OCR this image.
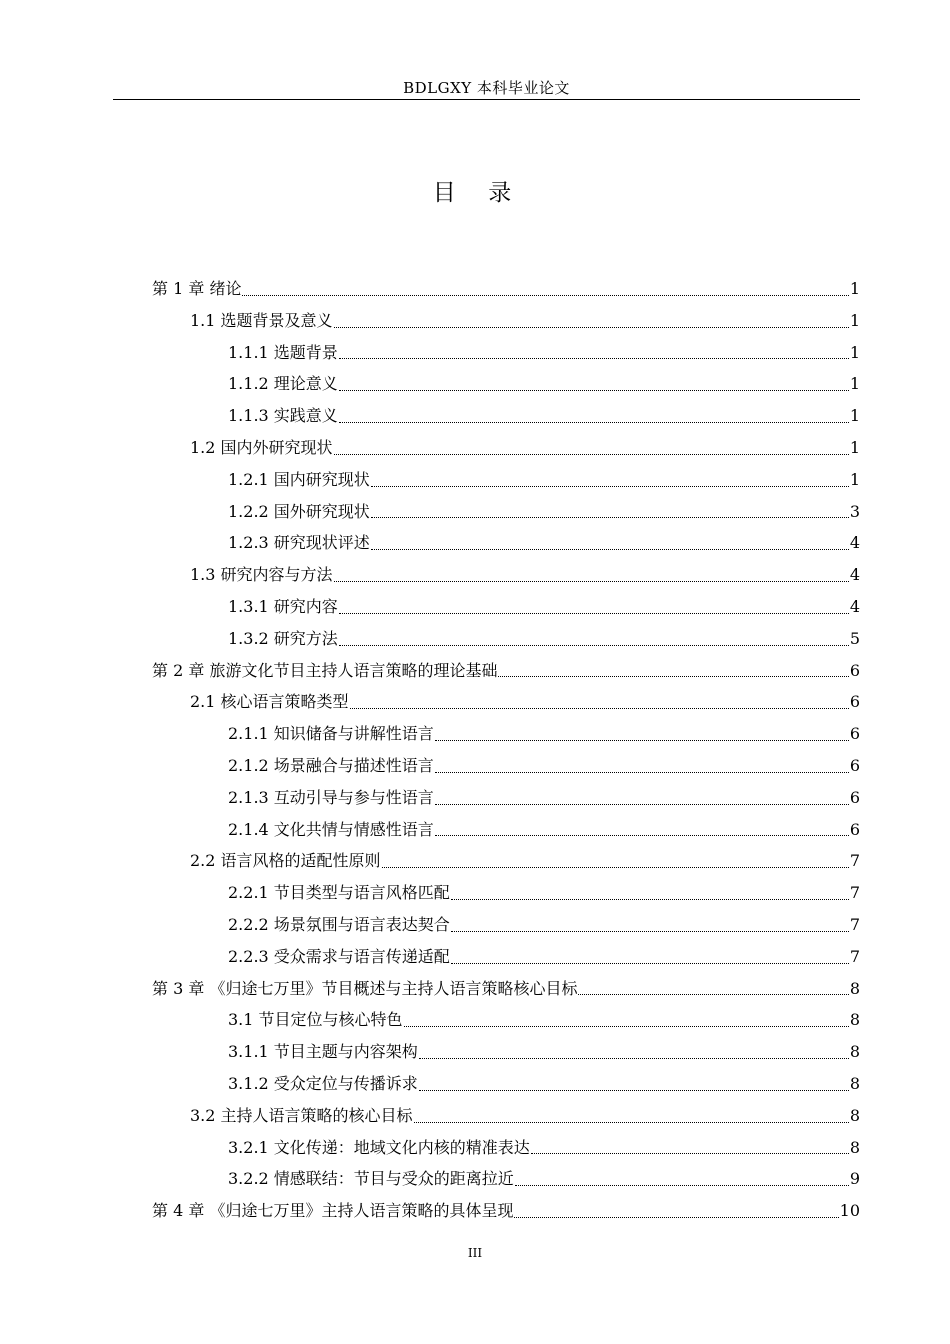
BDLGXY 本科毕业论文
目  录
第 1 章 绪论	1
1.1 选题背景及意义	1
1.1.1 选题背景	1
1.1.2 理论意义	1
1.1.3 实践意义	1
1.2 国内外研究现状	1
1.2.1 国内研究现状	1
1.2.2 国外研究现状	3
1.2.3 研究现状评述	4
1.3 研究内容与方法	4
1.3.1 研究内容	4
1.3.2 研究方法	5
第 2 章 旅游文化节目主持人语言策略的理论基础	6
2.1 核心语言策略类型	6
2.1.1 知识储备与讲解性语言	6
2.1.2 场景融合与描述性语言	6
2.1.3 互动引导与参与性语言	6
2.1.4 文化共情与情感性语言	6
2.2 语言风格的适配性原则	7
2.2.1 节目类型与语言风格匹配	7
2.2.2 场景氛围与语言表达契合	7
2.2.3 受众需求与语言传递适配	7
第 3 章 《归途七万里》节目概述与主持人语言策略核心目标	8
3.1 节目定位与核心特色	8
3.1.1 节目主题与内容架构	8
3.1.2 受众定位与传播诉求	8
3.2 主持人语言策略的核心目标	8
3.2.1 文化传递：地域文化内核的精准表达	8
3.2.2 情感联结：节目与受众的距离拉近	9
第 4 章 《归途七万里》主持人语言策略的具体呈现	10
III
